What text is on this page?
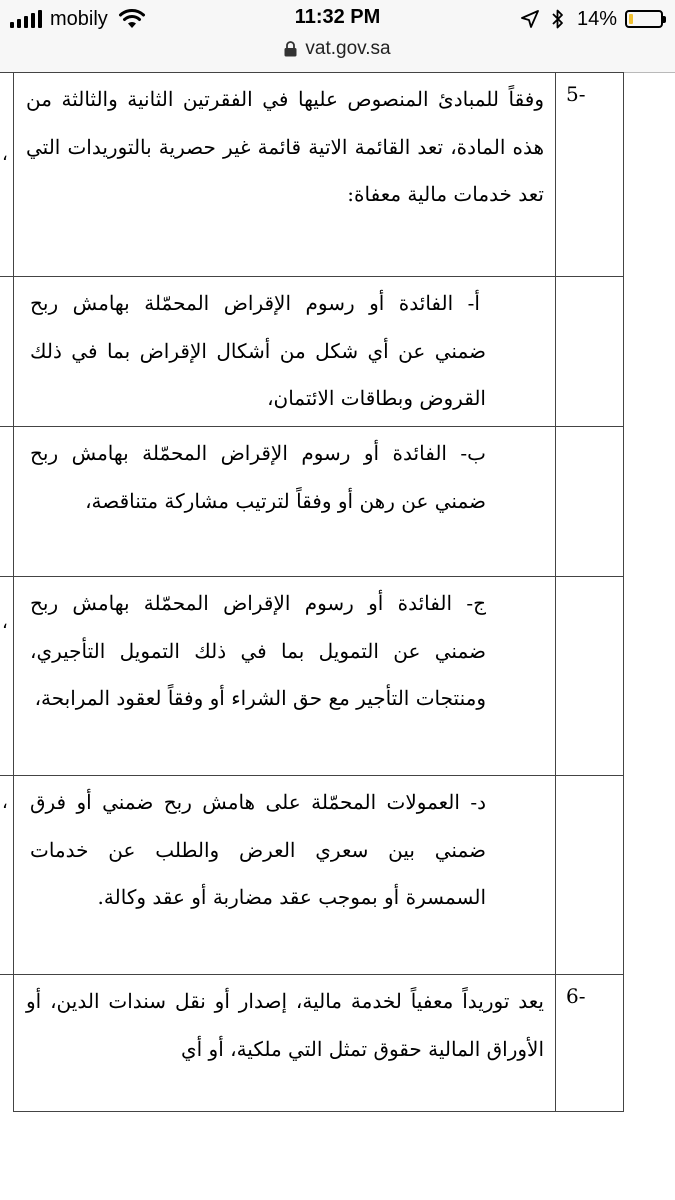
mobily	11:32 PM	14%
vat.gov.sa
،
،
،
5-
وفقاً للمبادئ المنصوص عليها في الفقرتين الثانية والثالثة من هذه المادة، تعد القائمة الاتية قائمة غير حصرية بالتوريدات التي تعد خدمات مالية معفاة:
أ- الفائدة أو رسوم الإقراض المحمّلة بهامش ربح ضمني عن أي شكل من أشكال الإقراض بما في ذلك القروض وبطاقات الائتمان،
ب- الفائدة أو رسوم الإقراض المحمّلة بهامش ربح ضمني عن رهن أو وفقاً لترتيب مشاركة متناقصة،
ج- الفائدة أو رسوم الإقراض المحمّلة بهامش ربح ضمني عن التمويل بما في ذلك التمويل التأجيري، ومنتجات التأجير مع حق الشراء أو وفقاً لعقود المرابحة،
د- العمولات المحمّلة على هامش ربح ضمني أو فرق ضمني بين سعري العرض والطلب عن خدمات السمسرة أو بموجب عقد مضاربة أو عقد وكالة.
6-
يعد توريداً معفياً لخدمة مالية، إصدار أو نقل سندات الدين، أو الأوراق المالية حقوق تمثل التي ملكية، أو أي
